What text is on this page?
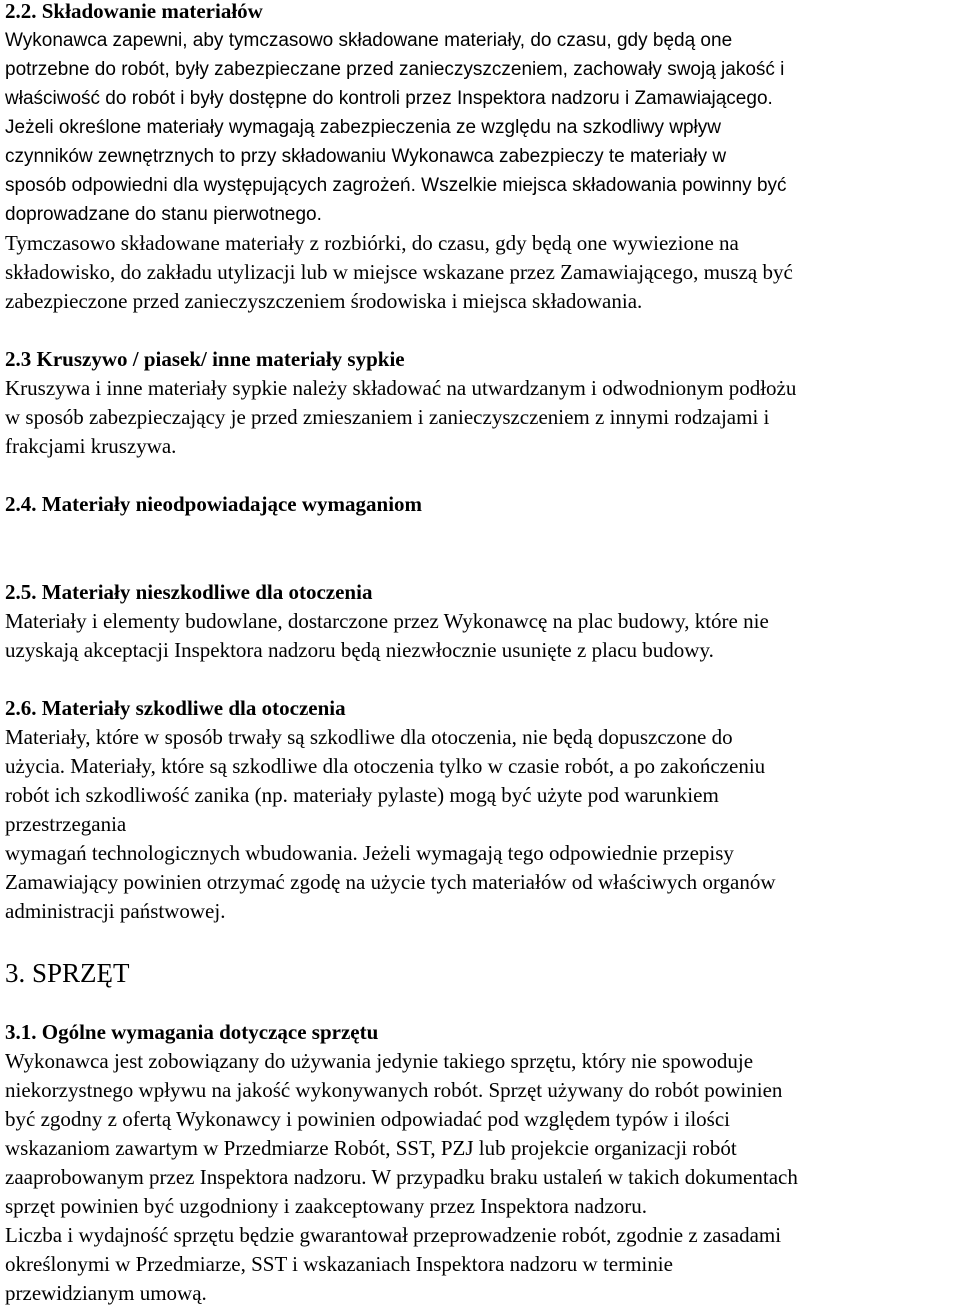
2.2. Składowanie materiałów
Wykonawca zapewni, aby tymczasowo składowane materiały, do czasu, gdy będą one
potrzebne do robót, były zabezpieczane przed zanieczyszczeniem, zachowały swoją jakość i
właściwość do robót i były dostępne do kontroli przez Inspektora nadzoru i Zamawiającego.
Jeżeli określone materiały wymagają zabezpieczenia ze względu na szkodliwy wpływ
czynników zewnętrznych to przy składowaniu Wykonawca zabezpieczy te materiały w
sposób odpowiedni dla występujących zagrożeń. Wszelkie miejsca składowania powinny być
doprowadzane do stanu pierwotnego.
Tymczasowo składowane materiały z rozbiórki, do czasu, gdy będą one wywiezione na
składowisko, do zakładu utylizacji lub w miejsce wskazane przez Zamawiającego, muszą być
zabezpieczone przed zanieczyszczeniem środowiska i miejsca składowania.
2.3 Kruszywo / piasek/ inne materiały sypkie
Kruszywa i inne materiały sypkie należy składować na utwardzanym i odwodnionym podłożu
w sposób zabezpieczający je przed zmieszaniem i zanieczyszczeniem z innymi rodzajami i
frakcjami kruszywa.
2.4. Materiały nieodpowiadające wymaganiom
2.5. Materiały nieszkodliwe dla otoczenia
Materiały i elementy budowlane, dostarczone przez Wykonawcę na plac budowy, które nie
uzyskają akceptacji Inspektora nadzoru będą niezwłocznie usunięte z placu budowy.
2.6. Materiały szkodliwe dla otoczenia
Materiały, które w sposób trwały są szkodliwe dla otoczenia, nie będą dopuszczone do
użycia. Materiały, które są szkodliwe dla otoczenia tylko w czasie robót, a po zakończeniu
robót ich szkodliwość zanika (np. materiały pylaste) mogą być użyte pod warunkiem
przestrzegania
wymagań technologicznych wbudowania. Jeżeli wymagają tego odpowiednie przepisy
Zamawiający powinien otrzymać zgodę na użycie tych materiałów od właściwych organów
administracji państwowej.
3. SPRZĘT
3.1. Ogólne wymagania dotyczące sprzętu
Wykonawca jest zobowiązany do używania jedynie takiego sprzętu, który nie spowoduje
niekorzystnego wpływu na jakość wykonywanych robót. Sprzęt używany do robót powinien
być zgodny z ofertą Wykonawcy i powinien odpowiadać pod względem typów i ilości
wskazaniom zawartym w Przedmiarze Robót, SST, PZJ lub projekcie organizacji robót
zaaprobowanym przez Inspektora nadzoru. W przypadku braku ustaleń w takich dokumentach
sprzęt powinien być uzgodniony i zaakceptowany przez Inspektora nadzoru.
Liczba i wydajność sprzętu będzie gwarantował przeprowadzenie robót, zgodnie z zasadami
określonymi w Przedmiarze, SST i wskazaniach Inspektora nadzoru w terminie
przewidzianym umową.
